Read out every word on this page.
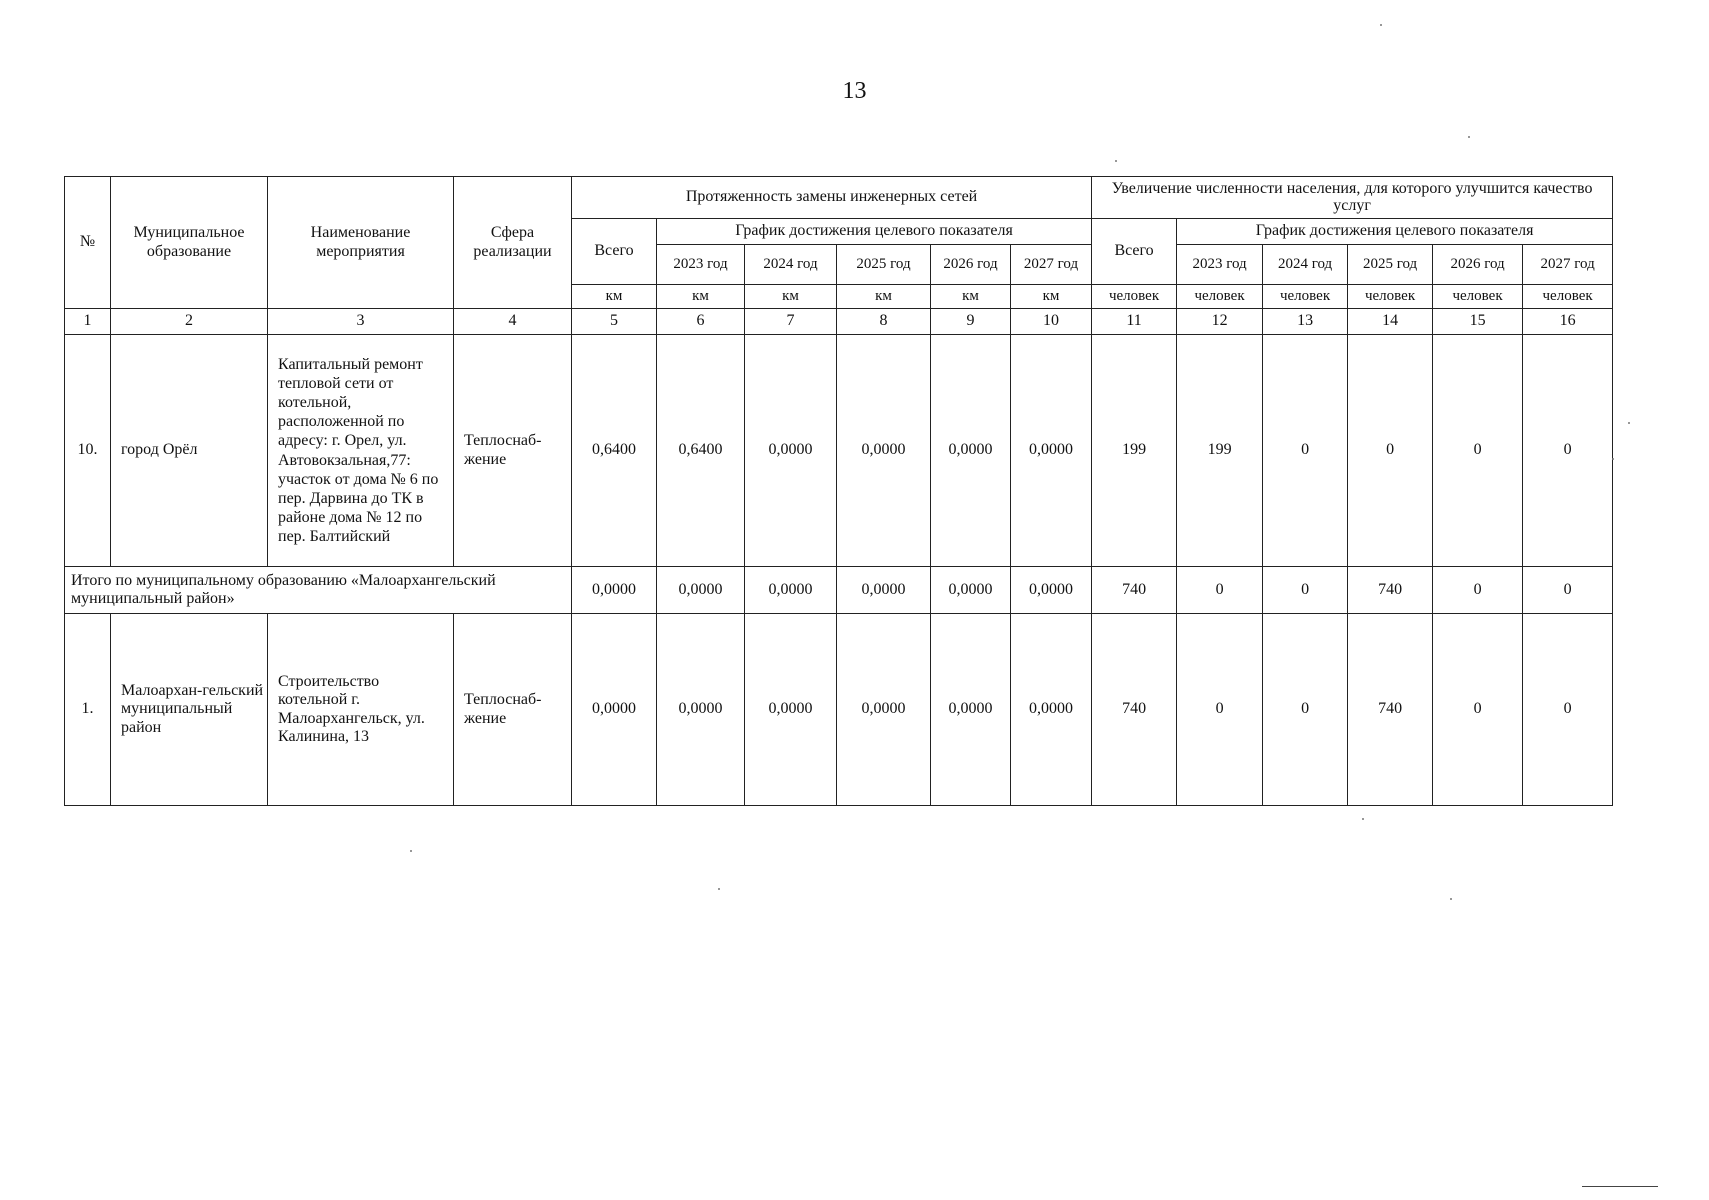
13
№	Муниципальное образование	Наименование мероприятия	Сфера реализации	Протяженность замены инженерных сетей						Увеличение численности населения, для которого улучшится качество услуг					
				Всего	График достижения целевого показателя					Всего	График достижения целевого показателя				
					2023 год	2024 год	2025 год	2026 год	2027 год		2023 год	2024 год	2025 год	2026 год	2027 год
				км	км	км	км	км	км	человек	человек	человек	человек	человек	человек
1	2	3	4	5	6	7	8	9	10	11	12	13	14	15	16
10.	город Орёл	Капитальный ремонт тепловой сети от котельной, расположенной по адресу: г. Орел, ул. Автовокзальная,77: участок от дома № 6 по пер. Дарвина до ТК в районе дома № 12 по пер. Балтийский	Теплоснаб-жение	0,6400	0,6400	0,0000	0,0000	0,0000	0,0000	199	199	0	0	0	0
Итого по муниципальному образованию «Малоархангельский муниципальный район»				0,0000	0,0000	0,0000	0,0000	0,0000	0,0000	740	0	0	740	0	0
1.	Малоархан-гельский муниципальный район	Строительство котельной г. Малоархангельск, ул. Калинина, 13	Теплоснаб-жение	0,0000	0,0000	0,0000	0,0000	0,0000	0,0000	740	0	0	740	0	0
